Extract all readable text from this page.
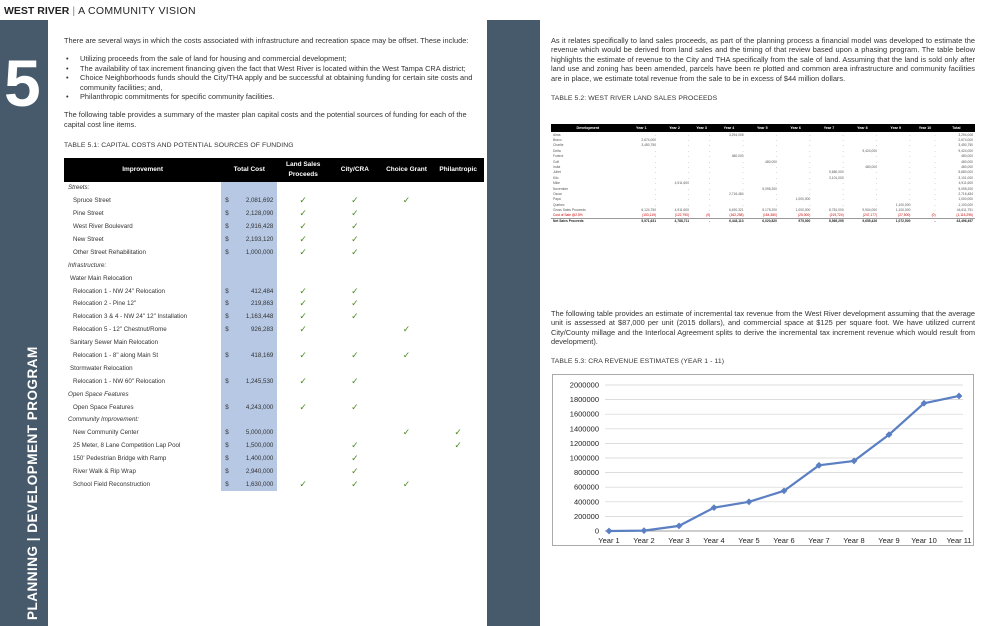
WEST RIVER | A COMMUNITY VISION
5
PLANNING | DEVELOPMENT PROGRAM

There are several ways in which the costs associated with infrastructure and recreation space may be offset. These include:

• Utilizing proceeds from the sale of land for housing and commercial development;
• The availability of tax increment financing given the fact that West River is located within the West Tampa CRA district;
• Choice Neighborhoods funds should the City/THA apply and be successful at obtaining funding for certain site costs and community facilities; and,
• Philanthropic commitments for specific community facilities.

The following table provides a summary of the master plan capital costs and the potential sources of funding for each of the capital cost line items.

TABLE 5.1: CAPITAL COSTS AND POTENTIAL SOURCES OF FUNDING
Improvement	Total Cost	Land Sales Proceeds	City/CRA	Choice Grant	Philantropic
Streets:					
Spruce Street	$ 2,081,692	✓	✓	✓	
Pine Street	$ 2,128,090	✓	✓		
West River Boulevard	$ 2,916,428	✓	✓		
New Street	$ 2,193,120	✓	✓		
Other Street Rehabilitation	$ 1,000,000	✓	✓		
Infrastructure:					
Water Main Relocation					
Relocation 1 - NW 24" Relocation	$ 412,484	✓	✓		
Relocation 2 - Pine 12"	$ 219,863	✓	✓		
Relocation 3 & 4 - NW 24" 12" Installation	$ 1,163,448	✓	✓		
Relocation 5 - 12" Chestnut/Rome	$ 926,283	✓		✓	
Sanitary Sewer Main Relocation					
Relocation 1 - 8" along Main St	$ 418,169	✓	✓	✓	
Stormwater Relocation					
Relocation 1 - NW 60" Relocation	$ 1,245,530	✓	✓		
Open Space Features					
Open Space Features	$ 4,243,000	✓	✓		
Community Improvement:					
New Community Center	$ 5,000,000			✓	✓
25 Meter, 8 Lane Competition Lap Pool	$ 1,500,000		✓		✓
150' Pedestrian Bridge with Ramp	$ 1,400,000		✓		
River Walk & Rip Wrap	$ 2,940,000		✓		
School Field Reconstruction	$ 1,630,000	✓	✓	✓	

As it relates specifically to land sales proceeds, as part of the planning process a financial model was developed to estimate the revenue which would be derived from land sales and the timing of that review based upon a phasing program. The table below highlights the estimate of revenue to the City and THA specifically from the sale of land. Assuming that the land is sold only after land use and zoning has been amended, parcels have been re plotted and common area infrastructure and community facilities are in place, we estimate total revenue from the sale to be in excess of $44 million dollars.

TABLE 5.2: WEST RIVER LAND SALES PROCEEDS
Development	Year 1	Year 2	Year 3	Year 4	Year 5	Year 6	Year 7	Year 8	Year 9	Year 10	Total
Alma	-	-	-	3,294,008	-	-	-	-	-	-	3,294,008
Bravo	2,674,000	-	-	-	-	-	-	-	-	-	2,674,000
Charlie	3,450,750	-	-	-	-	-	-	-	-	-	3,450,750
Delta	-	-	-	-	-	-	-	9,424,000	-	-	9,424,000
Foxtrot	-	-	-	480,000	-	-	-	-	-	-	480,000
Golf	-	-	-	-	480,000	-	-	-	-	-	480,000
India	-	-	-	-	-	-	-	480,000	-	-	480,000
Juliet	-	-	-	-	-	-	5,680,000	-	-	-	5,680,000
Kilo	-	-	-	-	-	-	3,101,000	-	-	-	3,101,000
Mike	-	4,911,600	-	-	-	-	-	-	-	-	4,911,600
November	-	-	-	-	5,095,200	-	-	-	-	-	5,095,200
Oscar	-	-	-	2,716,484	-	-	-	-	-	-	2,716,484
Papa	-	-	-	-	-	1,000,000	-	-	-	-	1,000,000
Quebec	-	-	-	-	-	-	-	-	1,100,000	-	1,100,000
Gross Sales Proceeds	6,124,750	4,911,600	-	6,490,321	5,175,200	1,000,000	8,781,000	9,904,000	1,100,000	-	44,611,791
Cost of Sale @2.5%	(153,119)	(122,790)	(0)	(162,258)	(154,380)	(25,000)	(219,724)	(247,177)	(27,500)	(0)	(1,115,295)
Net Sales Proceeds	5,971,631	4,788,711	-	6,443,113	6,020,820	975,000	8,569,295	9,655,426	1,072,500	-	43,496,497

The following table provides an estimate of incremental tax revenue from the West River development assuming that the average unit is assessed at $87,000 per unit (2015 dollars), and commercial space at $125 per square foot. We have utilized current City/County millage and the Interlocal Agreement splits to derive the incremental tax increment revenue which would result from development).

TABLE 5.3: CRA REVENUE ESTIMATES (YEAR 1 - 11)
0
200000
400000
600000
800000
1000000
1200000
1400000
1600000
1800000
2000000
Year 1 Year 2 Year 3 Year 4 Year 5 Year 6 Year 7 Year 8 Year 9 Year 10 Year 11
